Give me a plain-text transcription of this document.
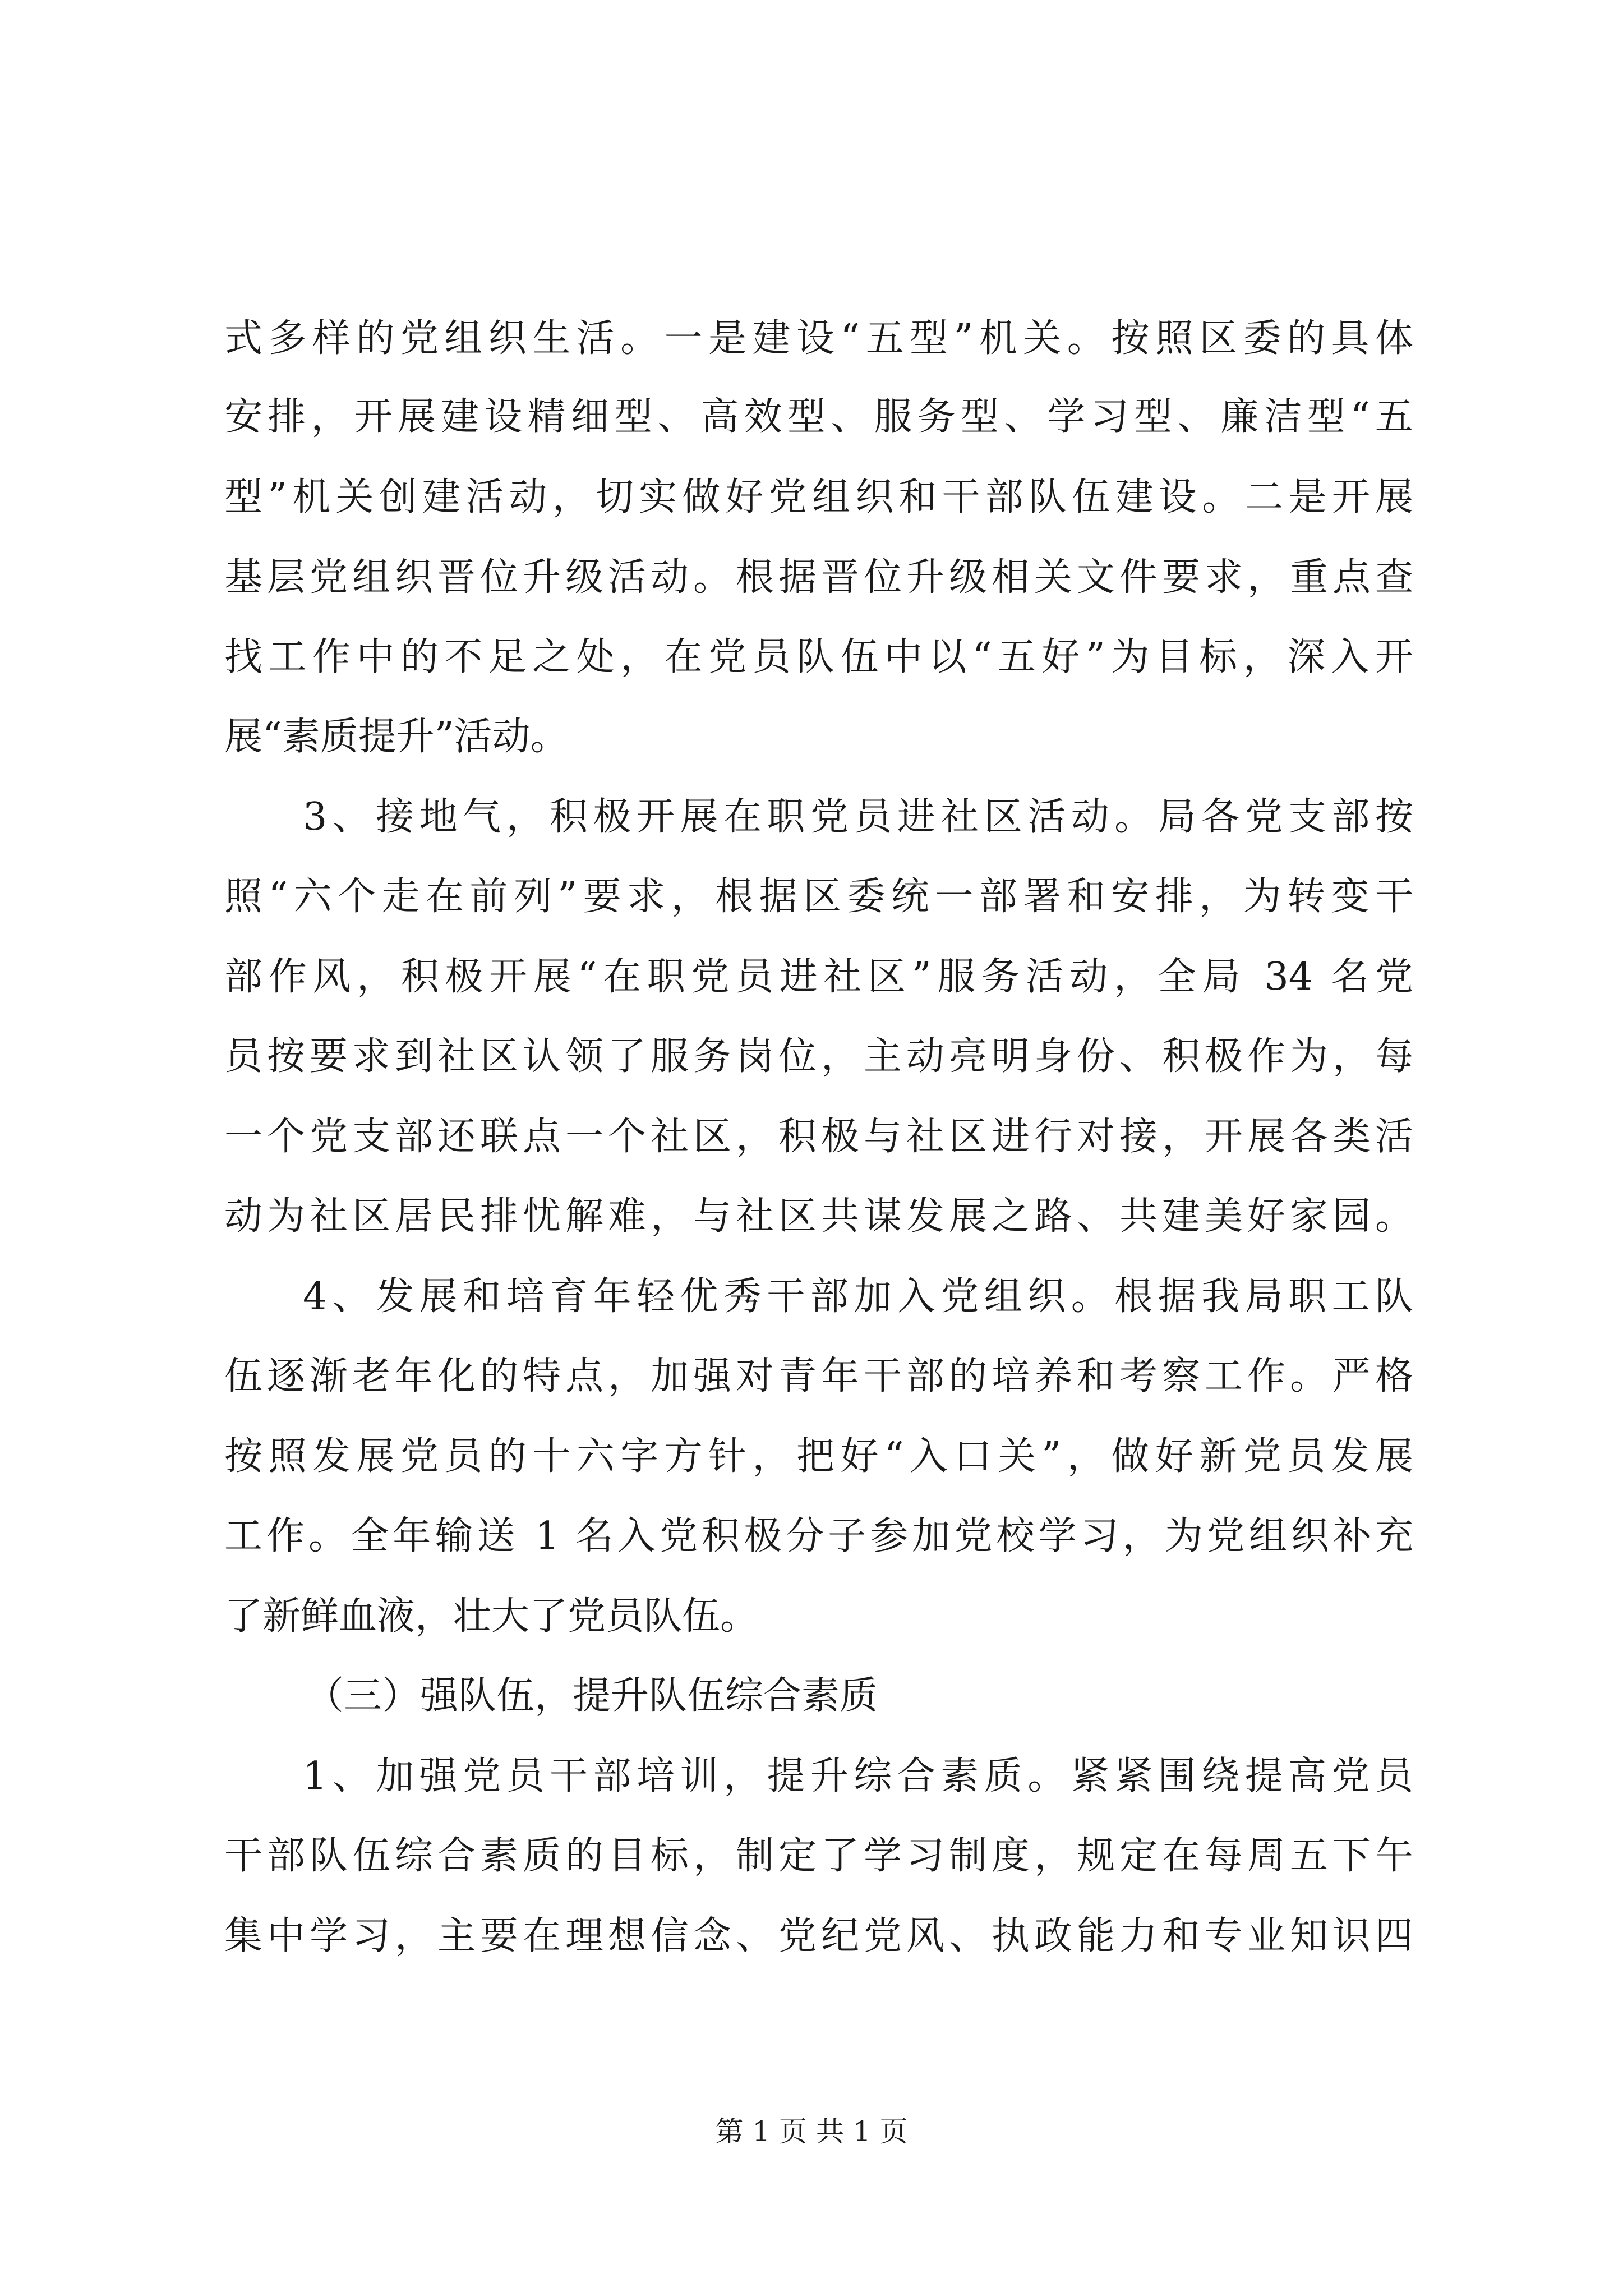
式多样的党组织生活。一是建设“五型”机关。按照区委的具体

安排，开展建设精细型、高效型、服务型、学习型、廉洁型“五

型”机关创建活动，切实做好党组织和干部队伍建设。二是开展

基层党组织晋位升级活动。根据晋位升级相关文件要求，重点查

找工作中的不足之处，在党员队伍中以“五好”为目标，深入开

展“素质提升”活动。

3、接地气，积极开展在职党员进社区活动。局各党支部按

照“六个走在前列”要求，根据区委统一部署和安排，为转变干

部作风，积极开展“在职党员进社区”服务活动，全局 34 名党

员按要求到社区认领了服务岗位，主动亮明身份、积极作为，每

一个党支部还联点一个社区，积极与社区进行对接，开展各类活

动为社区居民排忧解难，与社区共谋发展之路、共建美好家园。

4、发展和培育年轻优秀干部加入党组织。根据我局职工队

伍逐渐老年化的特点，加强对青年干部的培养和考察工作。严格

按照发展党员的十六字方针，把好“入口关”，做好新党员发展

工作。全年输送 1 名入党积极分子参加党校学习，为党组织补充

了新鲜血液，壮大了党员队伍。

（三）强队伍，提升队伍综合素质

1、加强党员干部培训，提升综合素质。紧紧围绕提高党员

干部队伍综合素质的目标，制定了学习制度，规定在每周五下午

集中学习，主要在理想信念、党纪党风、执政能力和专业知识四

第 1 页 共 1 页
